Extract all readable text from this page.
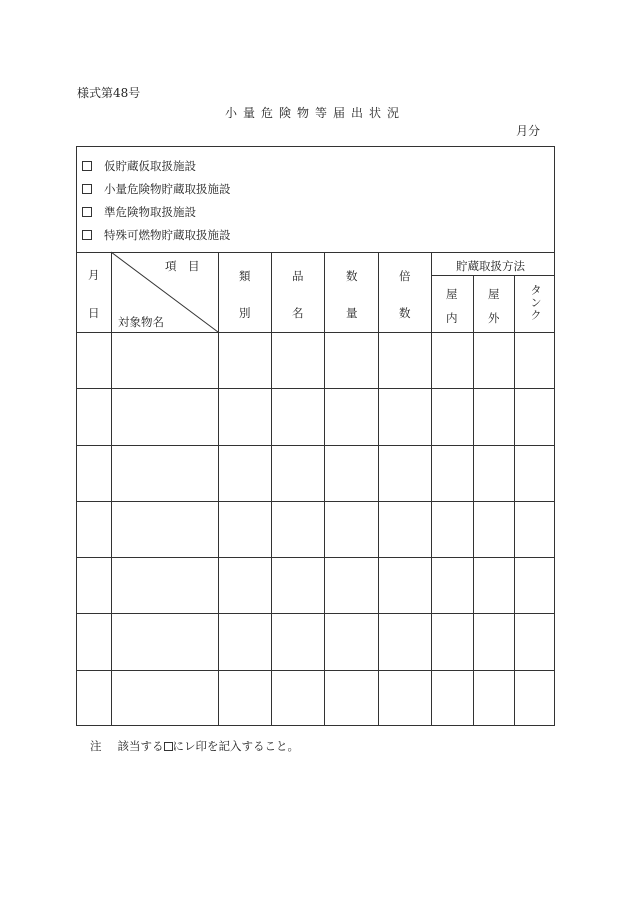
様式第48号
小量危険物等届出状況
月分
仮貯蔵仮取扱施設
小量危険物貯蔵取扱施設
準危険物取扱施設
特殊可燃物貯蔵取扱施設
月
日
項　目
対象物名
類
別
品
名
数
量
倍
数
貯蔵取扱方法
屋
内
屋
外	タンク
注 該当する にレ印を記入すること。
